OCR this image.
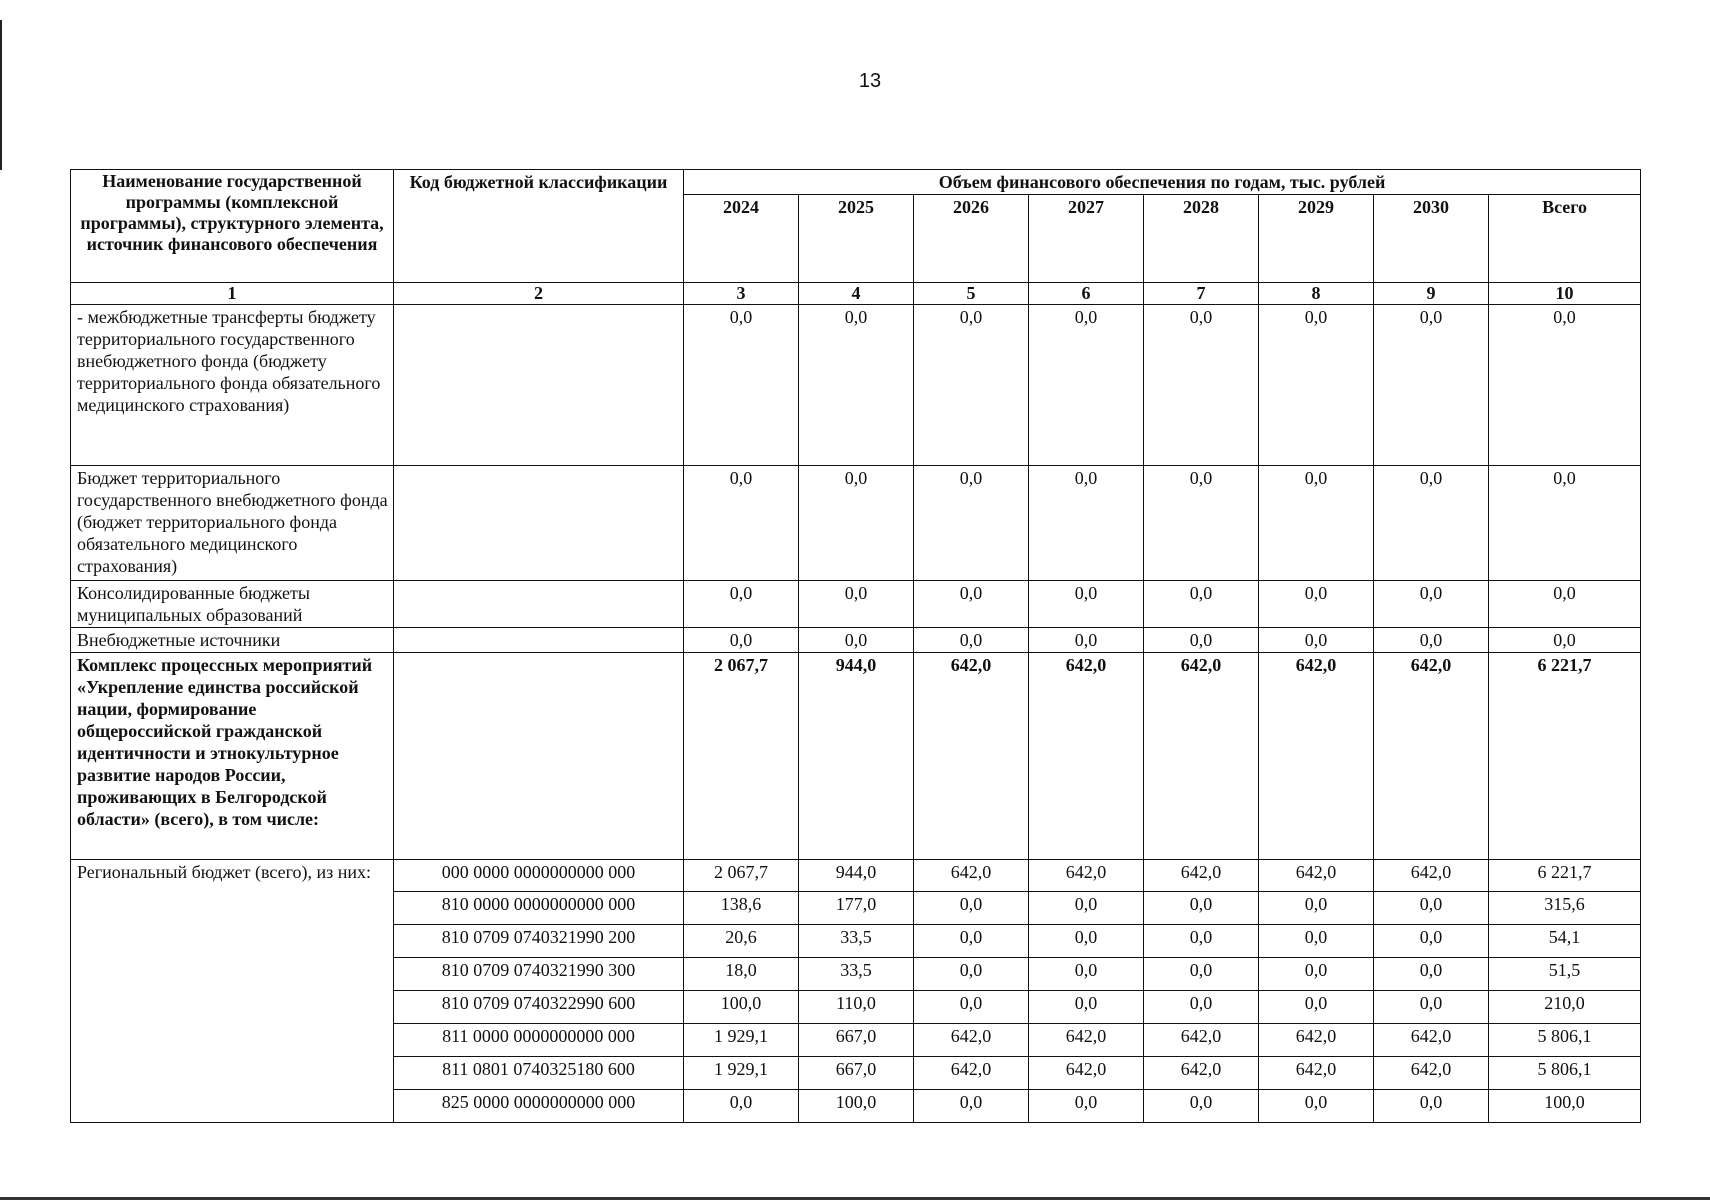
13
Наименование государственной программы (комплексной программы), структурного элемента, источник финансового обеспечения	Код бюджетной классификации	Объем финансового обеспечения по годам, тыс. рублей							
		2024	2025	2026	2027	2028	2029	2030	Всего
1	2	3	4	5	6	7	8	9	10
- межбюджетные трансферты бюджету территориального государственного внебюджетного фонда (бюджету территориального фонда обязательного медицинского страхования)		0,0	0,0	0,0	0,0	0,0	0,0	0,0	0,0
Бюджет территориального государственного внебюджетного фонда (бюджет территориального фонда обязательного медицинского страхования)		0,0	0,0	0,0	0,0	0,0	0,0	0,0	0,0
Консолидированные бюджеты муниципальных образований		0,0	0,0	0,0	0,0	0,0	0,0	0,0	0,0
Внебюджетные источники		0,0	0,0	0,0	0,0	0,0	0,0	0,0	0,0
Комплекс процессных мероприятий «Укрепление единства российской нации, формирование общероссийской гражданской идентичности и этнокультурное развитие народов России, проживающих в Белгородской области» (всего), в том числе:		2 067,7	944,0	642,0	642,0	642,0	642,0	642,0	6 221,7
Региональный бюджет (всего), из них:	000 0000 0000000000 000	2 067,7	944,0	642,0	642,0	642,0	642,0	642,0	6 221,7
	810 0000 0000000000 000	138,6	177,0	0,0	0,0	0,0	0,0	0,0	315,6
	810 0709 0740321990 200	20,6	33,5	0,0	0,0	0,0	0,0	0,0	54,1
	810 0709 0740321990 300	18,0	33,5	0,0	0,0	0,0	0,0	0,0	51,5
	810 0709 0740322990 600	100,0	110,0	0,0	0,0	0,0	0,0	0,0	210,0
	811 0000 0000000000 000	1 929,1	667,0	642,0	642,0	642,0	642,0	642,0	5 806,1
	811 0801 0740325180 600	1 929,1	667,0	642,0	642,0	642,0	642,0	642,0	5 806,1
	825 0000 0000000000 000	0,0	100,0	0,0	0,0	0,0	0,0	0,0	100,0
